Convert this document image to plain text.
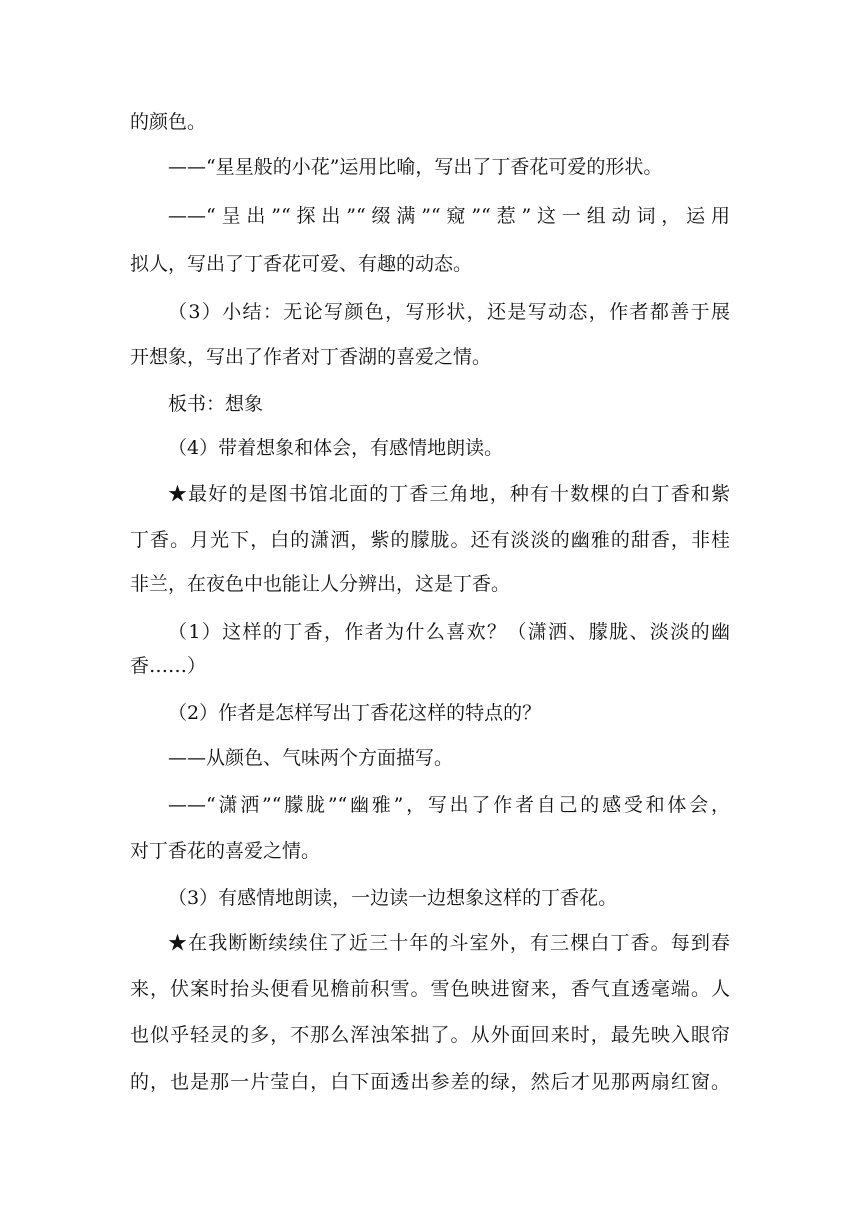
的颜色。
——“星星般的小花”运用比喻，写出了丁香花可爱的形状。
——“呈出”“探出”“缀满”“窥”“惹”这一组动词，运用
拟人，写出了丁香花可爱、有趣的动态。
（3）小结：无论写颜色，写形状，还是写动态，作者都善于展
开想象，写出了作者对丁香湖的喜爱之情。
板书：想象
（4）带着想象和体会，有感情地朗读。
★最好的是图书馆北面的丁香三角地，种有十数棵的白丁香和紫
丁香。月光下，白的潇洒，紫的朦胧。还有淡淡的幽雅的甜香，非桂
非兰，在夜色中也能让人分辨出，这是丁香。
（1）这样的丁香，作者为什么喜欢？（潇洒、朦胧、淡淡的幽
香……）
（2）作者是怎样写出丁香花这样的特点的？
——从颜色、气味两个方面描写。
——“潇洒”“朦胧”“幽雅”，写出了作者自己的感受和体会，
对丁香花的喜爱之情。
（3）有感情地朗读，一边读一边想象这样的丁香花。
★在我断断续续住了近三十年的斗室外，有三棵白丁香。每到春
来，伏案时抬头便看见檐前积雪。雪色映进窗来，香气直透毫端。人
也似乎轻灵的多，不那么浑浊笨拙了。从外面回来时，最先映入眼帘
的，也是那一片莹白，白下面透出参差的绿，然后才见那两扇红窗。
